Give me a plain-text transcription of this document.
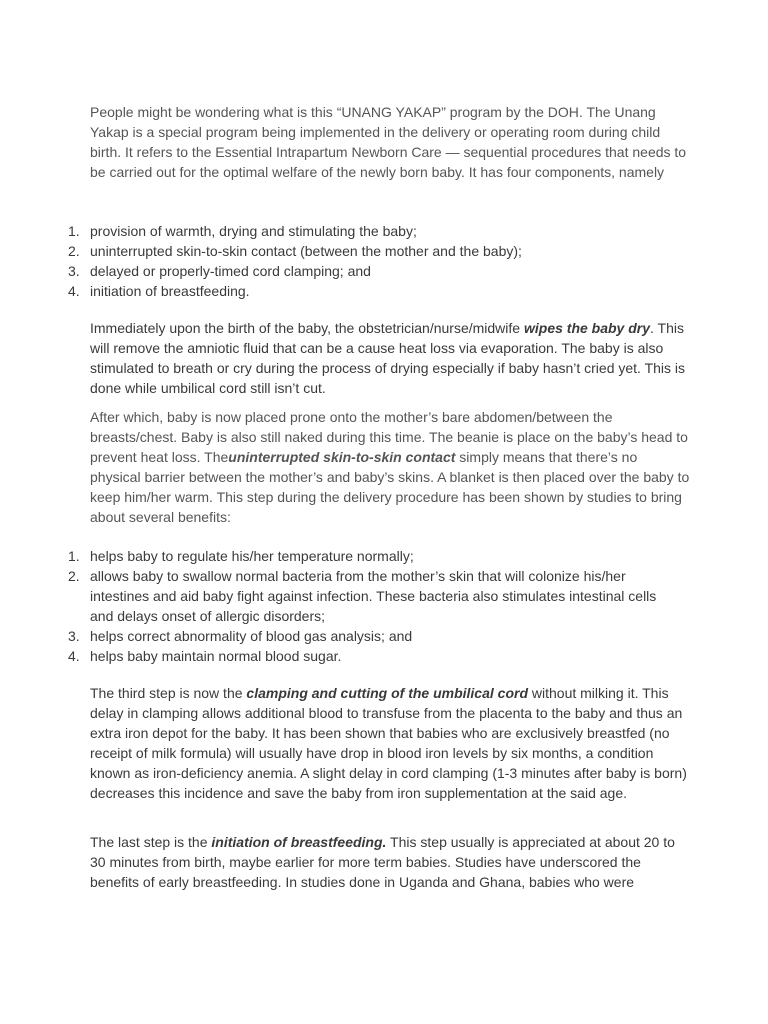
People might be wondering what is this “UNANG YAKAP” program by the DOH. The Unang Yakap is a special program being implemented in the delivery or operating room during child birth. It refers to the Essential Intrapartum Newborn Care — sequential procedures that needs to be carried out for the optimal welfare of the newly born baby. It has four components, namely

1. provision of warmth, drying and stimulating the baby;
2. uninterrupted skin-to-skin contact (between the mother and the baby);
3. delayed or properly-timed cord clamping; and
4. initiation of breastfeeding.

Immediately upon the birth of the baby, the obstetrician/nurse/midwife wipes the baby dry. This will remove the amniotic fluid that can be a cause heat loss via evaporation. The baby is also stimulated to breath or cry during the process of drying especially if baby hasn’t cried yet. This is done while umbilical cord still isn’t cut.

After which, baby is now placed prone onto the mother’s bare abdomen/between the breasts/chest. Baby is also still naked during this time. The beanie is place on the baby’s head to prevent heat loss. Theuninterrupted skin-to-skin contact simply means that there’s no physical barrier between the mother’s and baby’s skins. A blanket is then placed over the baby to keep him/her warm. This step during the delivery procedure has been shown by studies to bring about several benefits:

1. helps baby to regulate his/her temperature normally;
2. allows baby to swallow normal bacteria from the mother’s skin that will colonize his/her intestines and aid baby fight against infection. These bacteria also stimulates intestinal cells and delays onset of allergic disorders;
3. helps correct abnormality of blood gas analysis; and
4. helps baby maintain normal blood sugar.

The third step is now the clamping and cutting of the umbilical cord without milking it. This delay in clamping allows additional blood to transfuse from the placenta to the baby and thus an extra iron depot for the baby. It has been shown that babies who are exclusively breastfed (no receipt of milk formula) will usually have drop in blood iron levels by six months, a condition known as iron-deficiency anemia. A slight delay in cord clamping (1-3 minutes after baby is born) decreases this incidence and save the baby from iron supplementation at the said age.

The last step is the initiation of breastfeeding. This step usually is appreciated at about 20 to 30 minutes from birth, maybe earlier for more term babies. Studies have underscored the benefits of early breastfeeding. In studies done in Uganda and Ghana, babies who were
